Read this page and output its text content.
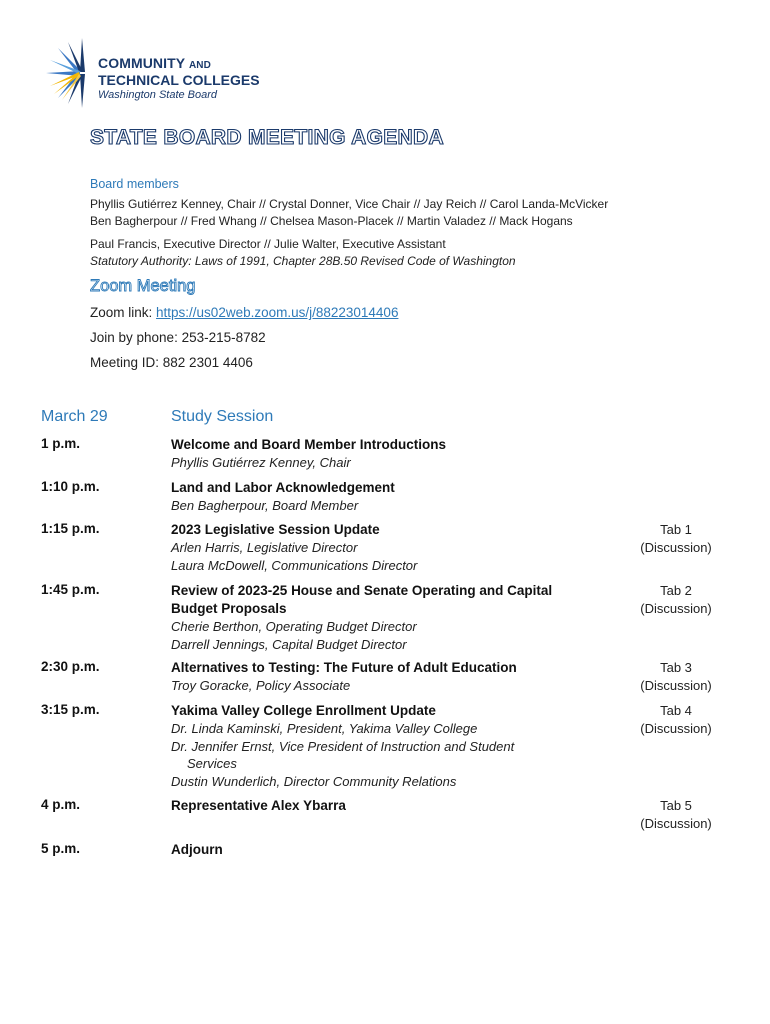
COMMUNITY AND
TECHNICAL COLLEGES
Washington State Board
STATE BOARD MEETING AGENDA
Board members
Phyllis Gutiérrez Kenney, Chair // Crystal Donner, Vice Chair // Jay Reich // Carol Landa-McVicker
Ben Bagherpour // Fred Whang // Chelsea Mason-Placek // Martin Valadez // Mack Hogans
Paul Francis, Executive Director // Julie Walter, Executive Assistant
Statutory Authority: Laws of 1991, Chapter 28B.50 Revised Code of Washington
Zoom Meeting
Zoom link: https://us02web.zoom.us/j/88223014406
Join by phone: 253-215-8782
Meeting ID: 882 2301 4406
March 29	Study Session
1 p.m.	Welcome and Board Member Introductions
Phyllis Gutiérrez Kenney, Chair
1:10 p.m.	Land and Labor Acknowledgement
Ben Bagherpour, Board Member
1:15 p.m.	2023 Legislative Session Update
Arlen Harris, Legislative Director
Laura McDowell, Communications Director
Tab 1
(Discussion)
1:45 p.m.	Review of 2023-25 House and Senate Operating and Capital Budget Proposals
Cherie Berthon, Operating Budget Director
Darrell Jennings, Capital Budget Director
Tab 2
(Discussion)
2:30 p.m.	Alternatives to Testing: The Future of Adult Education
Troy Goracke, Policy Associate
Tab 3
(Discussion)
3:15 p.m.	Yakima Valley College Enrollment Update
Dr. Linda Kaminski, President, Yakima Valley College
Dr. Jennifer Ernst, Vice President of Instruction and Student
Services
Dustin Wunderlich, Director Community Relations
Tab 4
(Discussion)
4 p.m.	Representative Alex Ybarra	Tab 5
(Discussion)
5 p.m.	Adjourn
